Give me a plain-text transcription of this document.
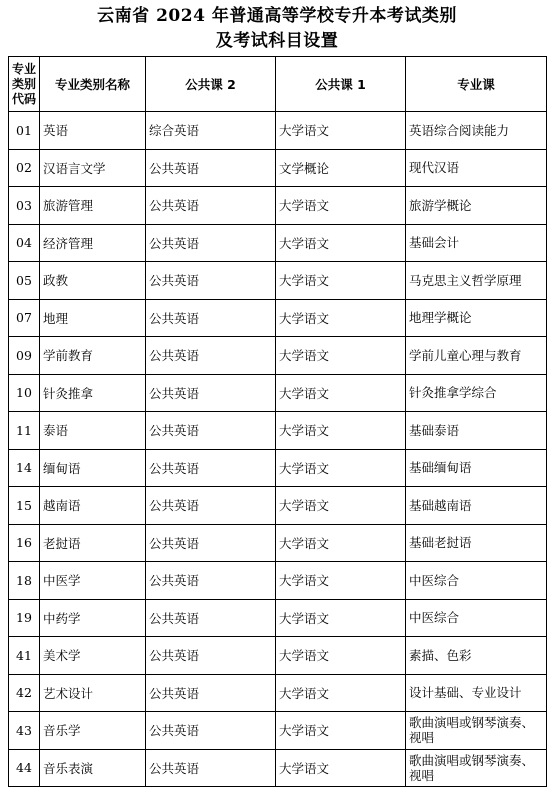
云南省 2024 年普通高等学校专升本考试类别
及考试科目设置
专业
类别
代码	专业类别名称	公共课 2	公共课 1	专业课
01	英语	综合英语	大学语文	英语综合阅读能力
02	汉语言文学	公共英语	文学概论	现代汉语
03	旅游管理	公共英语	大学语文	旅游学概论
04	经济管理	公共英语	大学语文	基础会计
05	政教	公共英语	大学语文	马克思主义哲学原理
07	地理	公共英语	大学语文	地理学概论
09	学前教育	公共英语	大学语文	学前儿童心理与教育
10	针灸推拿	公共英语	大学语文	针灸推拿学综合
11	泰语	公共英语	大学语文	基础泰语
14	缅甸语	公共英语	大学语文	基础缅甸语
15	越南语	公共英语	大学语文	基础越南语
16	老挝语	公共英语	大学语文	基础老挝语
18	中医学	公共英语	大学语文	中医综合
19	中药学	公共英语	大学语文	中医综合
41	美术学	公共英语	大学语文	素描、色彩
42	艺术设计	公共英语	大学语文	设计基础、专业设计
43	音乐学	公共英语	大学语文	歌曲演唱或钢琴演奏、视唱
44	音乐表演	公共英语	大学语文	歌曲演唱或钢琴演奏、视唱
